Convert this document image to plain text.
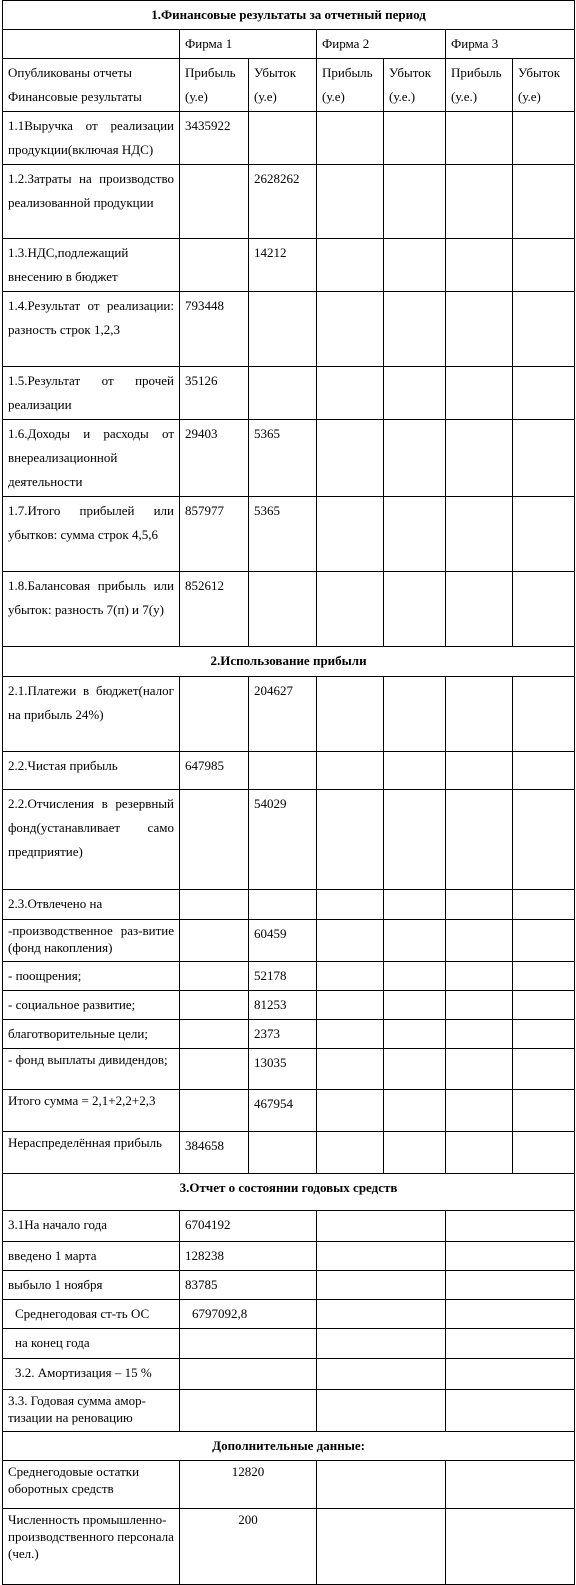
1.Финансовые результаты за отчетный период						
	Фирма 1		Фирма 2		Фирма 3	
Опубликованы отчеты Финансовые результаты	Прибыль (у.е)	Убыток (у.е)	Прибыль (у.е)	Убыток (у.е.)	Прибыль (у.е.)	Убыток (у.е)
1.1Выручка от реализации продукции(включая НДС)	3435922					
1.2.Затраты на производство реализованной продукции		2628262				
1.3.НДС,подлежащий внесению в бюджет		14212				
1.4.Результат от реализации: разность строк 1,2,3	793448					
1.5.Результат от прочей реализации	35126					
1.6.Доходы и расходы от внереализационной деятельности	29403	5365				
1.7.Итого прибылей или убытков: сумма строк 4,5,6	857977	5365				
1.8.Балансовая прибыль или убыток: разность 7(п) и 7(у)	852612					
2.Использование прибыли						
2.1.Платежи в бюджет(налог на прибыль 24%)		204627				
2.2.Чистая прибыль	647985					
2.2.Отчисления в резервный фонд(устанавливает само предприятие)		54029				
2.3.Отвлечено на						
-производственное раз-витие (фонд накопления)		60459				
- поощрения;		52178				
- социальное развитие;		81253				
благотворительные цели;		2373				
- фонд выплаты дивидендов;		13035				
Итого сумма = 2,1+2,2+2,3		467954				
Нераспределённая прибыль	384658					
3.Отчет о состоянии годовых средств						
3.1На начало года	6704192					
введено 1 марта	128238					
выбыло 1 ноября	83785					
Среднегодовая ст-ть ОС	6797092,8					
на конец года						
3.2. Амортизация – 15 %						
3.3. Годовая сумма амор-тизации на реновацию						
Дополнительные данные:						
Среднегодовые остатки оборотных средств	12820					
Численность промышленно-производственного персонала (чел.)	200					
